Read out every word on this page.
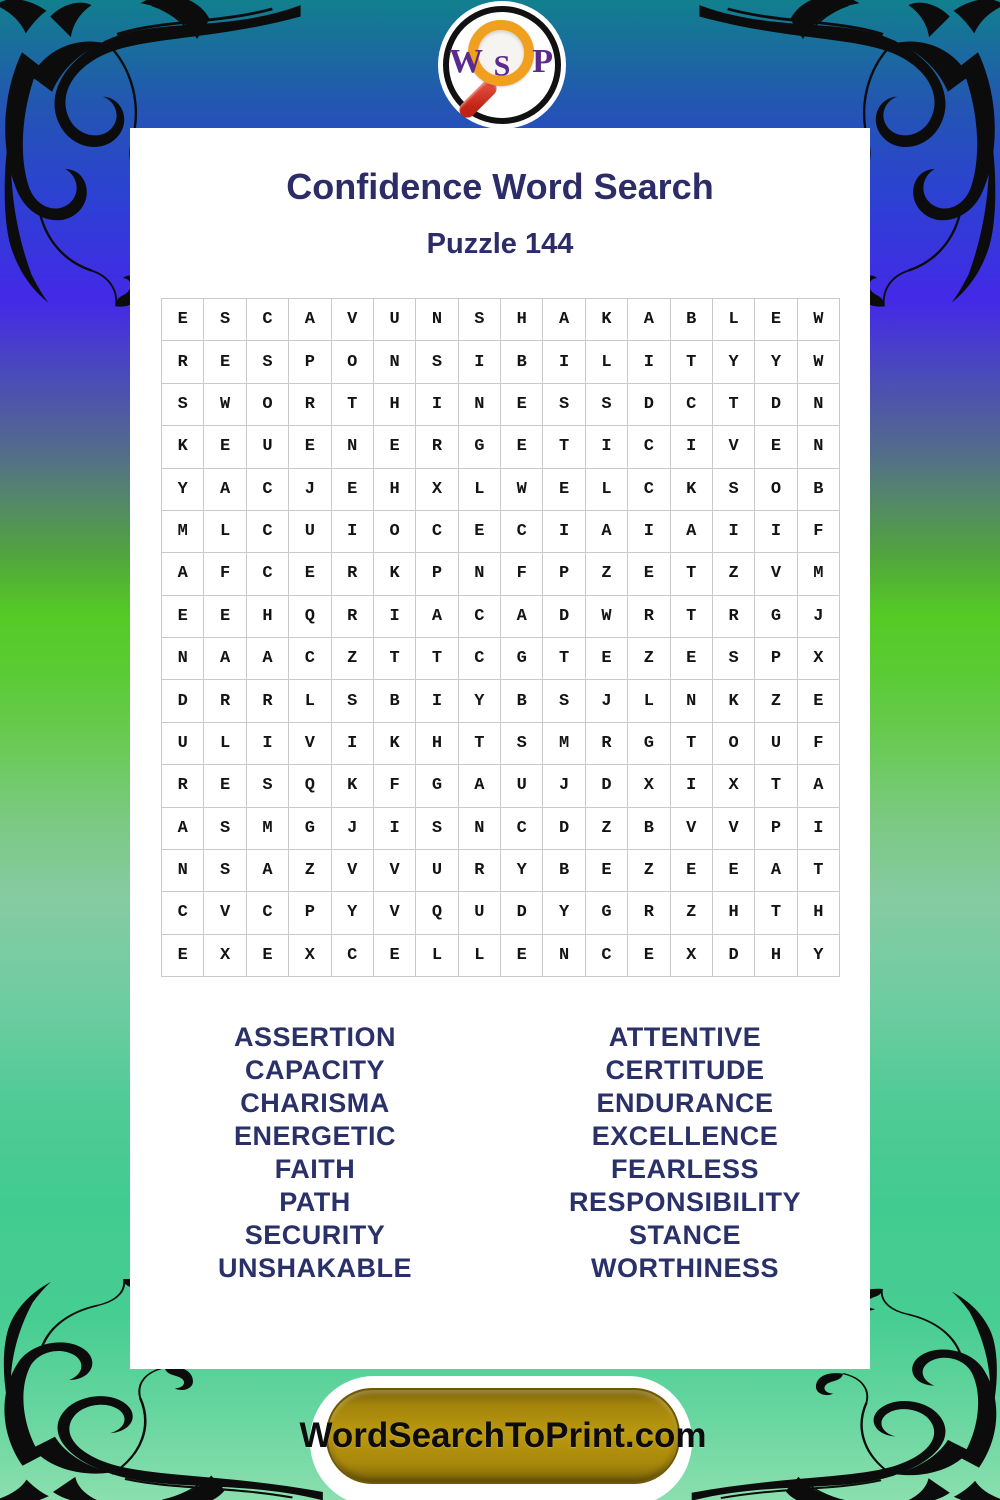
W S P
Confidence Word Search
Puzzle 144
E	S	C	A	V	U	N	S	H	A	K	A	B	L	E	W
R	E	S	P	O	N	S	I	B	I	L	I	T	Y	Y	W
S	W	O	R	T	H	I	N	E	S	S	D	C	T	D	N
K	E	U	E	N	E	R	G	E	T	I	C	I	V	E	N
Y	A	C	J	E	H	X	L	W	E	L	C	K	S	O	B
M	L	C	U	I	O	C	E	C	I	A	I	A	I	I	F
A	F	C	E	R	K	P	N	F	P	Z	E	T	Z	V	M
E	E	H	Q	R	I	A	C	A	D	W	R	T	R	G	J
N	A	A	C	Z	T	T	C	G	T	E	Z	E	S	P	X
D	R	R	L	S	B	I	Y	B	S	J	L	N	K	Z	E
U	L	I	V	I	K	H	T	S	M	R	G	T	O	U	F
R	E	S	Q	K	F	G	A	U	J	D	X	I	X	T	A
A	S	M	G	J	I	S	N	C	D	Z	B	V	V	P	I
N	S	A	Z	V	V	U	R	Y	B	E	Z	E	E	A	T
C	V	C	P	Y	V	Q	U	D	Y	G	R	Z	H	T	H
E	X	E	X	C	E	L	L	E	N	C	E	X	D	H	Y
ASSERTION
CAPACITY
CHARISMA
ENERGETIC
FAITH
PATH
SECURITY
UNSHAKABLE
ATTENTIVE
CERTITUDE
ENDURANCE
EXCELLENCE
FEARLESS
RESPONSIBILITY
STANCE
WORTHINESS
WordSearchToPrint.com
